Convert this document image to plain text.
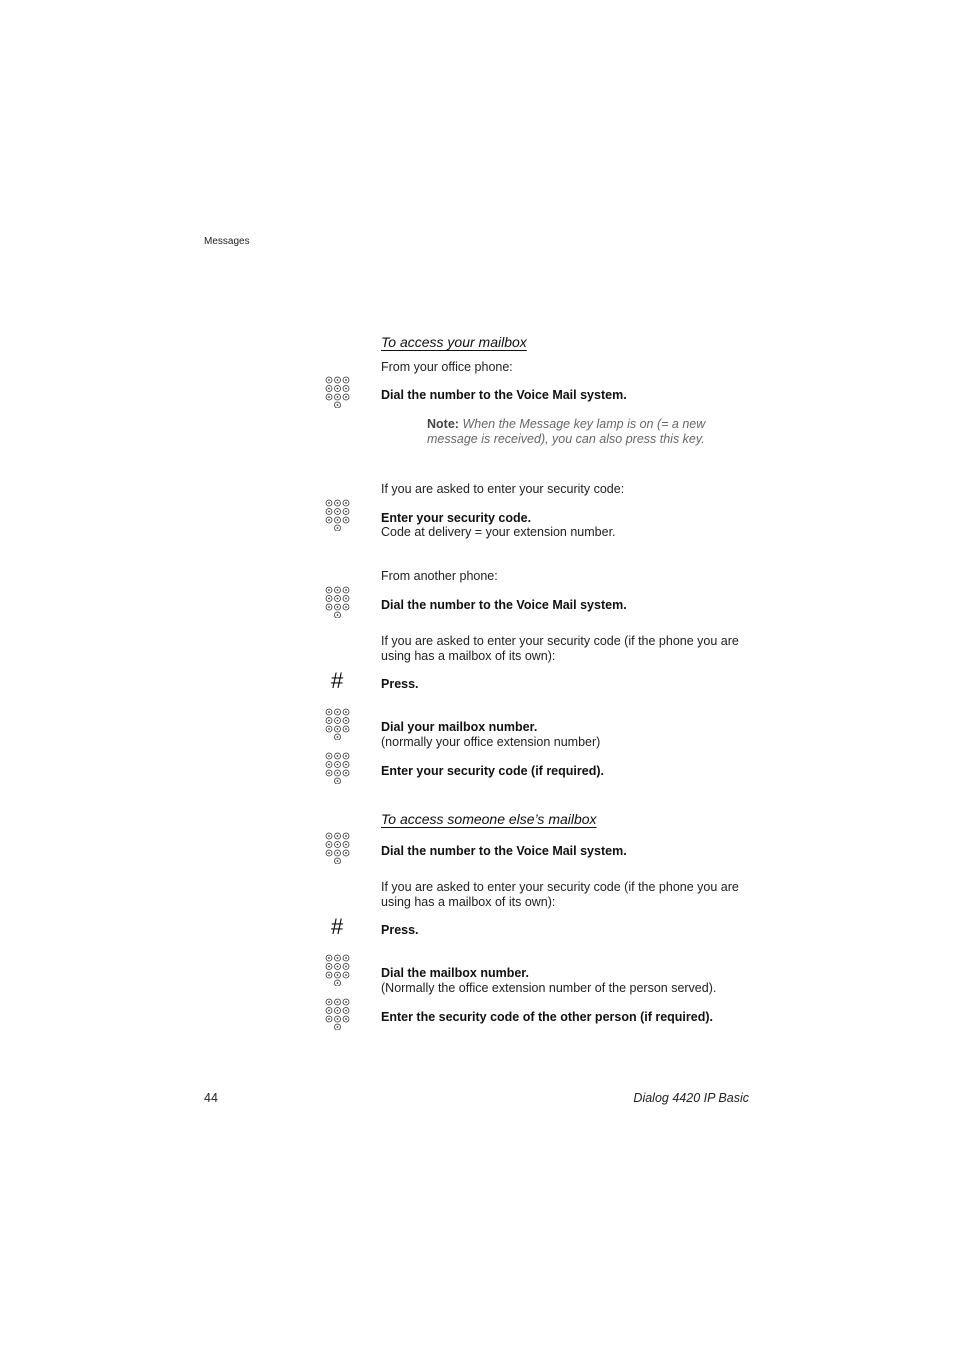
Messages
To access your mailbox
From your office phone:
Dial the number to the Voice Mail system.
Note: When the Message key lamp is on (= a new message is received), you can also press this key.
If you are asked to enter your security code:
Enter your security code.
Code at delivery = your extension number.
From another phone:
Dial the number to the Voice Mail system.
If you are asked to enter your security code (if the phone you are using has a mailbox of its own):
#	Press.
Dial your mailbox number.
(normally your office extension number)
Enter your security code (if required).
To access someone else’s mailbox
Dial the number to the Voice Mail system.
If you are asked to enter your security code (if the phone you are using has a mailbox of its own):
#	Press.
Dial the mailbox number.
(Normally the office extension number of the person served).
Enter the security code of the other person (if required).
44	Dialog 4420 IP Basic
